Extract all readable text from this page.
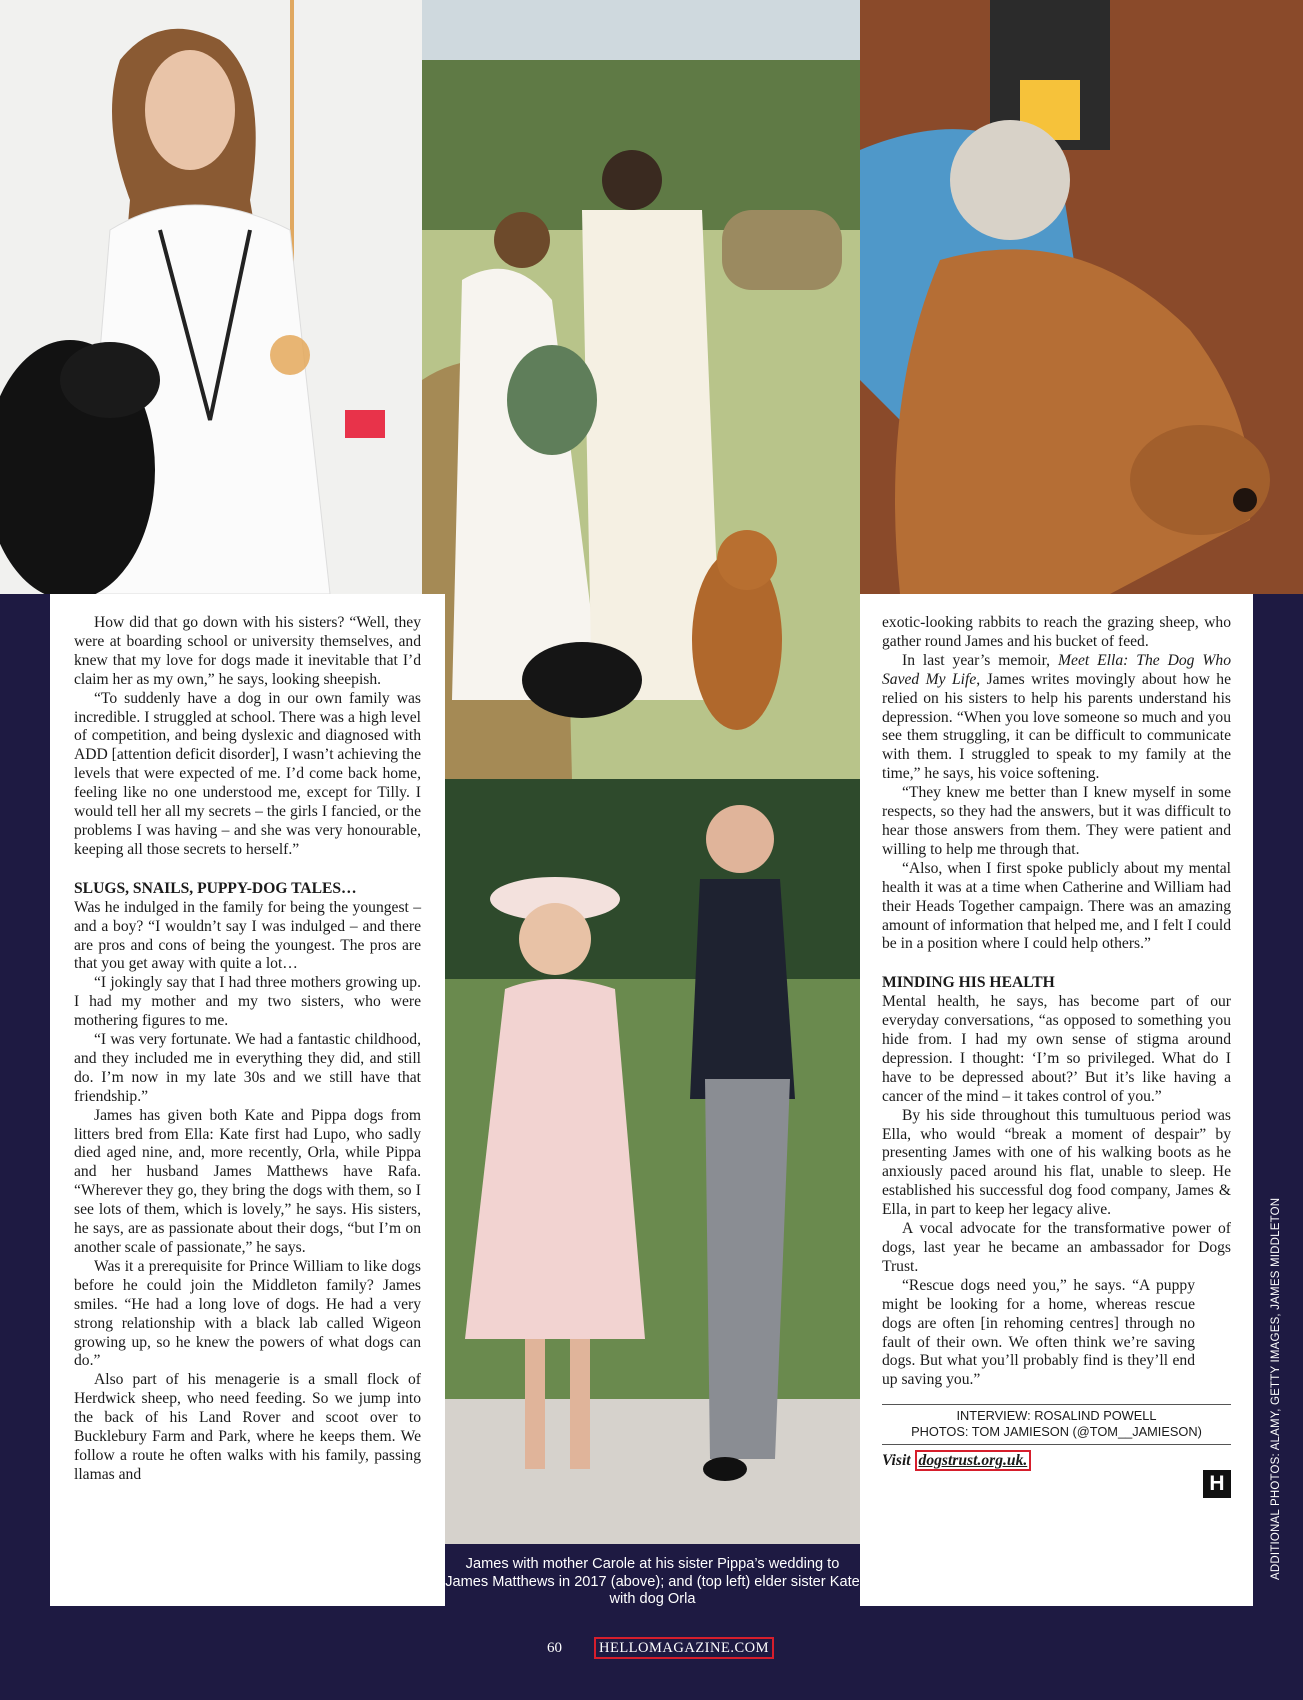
How did that go down with his sisters? “Well, they were at boarding school or university themselves, and knew that my love for dogs made it inevitable that I’d claim her as my own,” he says, looking sheepish.

“To suddenly have a dog in our own family was incredible. I struggled at school. There was a high level of competition, and being dyslexic and diagnosed with ADD [attention deficit disorder], I wasn’t achieving the levels that were expected of me. I’d come back home, feeling like no one understood me, except for Tilly. I would tell her all my secrets – the girls I fancied, or the problems I was having – and she was very honourable, keeping all those secrets to herself.”

SLUGS, SNAILS, PUPPY-DOG TALES…

Was he indulged in the family for being the youngest – and a boy? “I wouldn’t say I was indulged – and there are pros and cons of being the youngest. The pros are that you get away with quite a lot…

“I jokingly say that I had three mothers growing up. I had my mother and my two sisters, who were mothering figures to me.

“I was very fortunate. We had a fantastic childhood, and they included me in everything they did, and still do. I’m now in my late 30s and we still have that friendship.”

James has given both Kate and Pippa dogs from litters bred from Ella: Kate first had Lupo, who sadly died aged nine, and, more recently, Orla, while Pippa and her husband James Matthews have Rafa. “Wherever they go, they bring the dogs with them, so I see lots of them, which is lovely,” he says. His sisters, he says, are as passionate about their dogs, “but I’m on another scale of passionate,” he says.

Was it a prerequisite for Prince William to like dogs before he could join the Middleton family? James smiles. “He had a long love of dogs. He had a very strong relationship with a black lab called Wigeon growing up, so he knew the powers of what dogs can do.”

Also part of his menagerie is a small flock of Herdwick sheep, who need feeding. So we jump into the back of his Land Rover and scoot over to Bucklebury Farm and Park, where he keeps them. We follow a route he often walks with his family, passing llamas and

exotic-looking rabbits to reach the grazing sheep, who gather round James and his bucket of feed.

In last year’s memoir, Meet Ella: The Dog Who Saved My Life, James writes movingly about how he relied on his sisters to help his parents understand his depression. “When you love someone so much and you see them struggling, it can be difficult to communicate with them. I struggled to speak to my family at the time,” he says, his voice softening.

“They knew me better than I knew myself in some respects, so they had the answers, but it was difficult to hear those answers from them. They were patient and willing to help me through that.

“Also, when I first spoke publicly about my mental health it was at a time when Catherine and William had their Heads Together campaign. There was an amazing amount of information that helped me, and I felt I could be in a position where I could help others.”

MINDING HIS HEALTH

Mental health, he says, has become part of our everyday conversations, “as opposed to something you hide from. I had my own sense of stigma around depression. I thought: ‘I’m so privileged. What do I have to be depressed about?’ But it’s like having a cancer of the mind – it takes control of you.”

By his side throughout this tumultuous period was Ella, who would “break a moment of despair” by presenting James with one of his walking boots as he anxiously paced around his flat, unable to sleep. He established his successful dog food company, James & Ella, in part to keep her legacy alive.

A vocal advocate for the transformative power of dogs, last year he became an ambassador for Dogs Trust.

“Rescue dogs need you,” he says. “A puppy might be looking for a home, whereas rescue dogs are often [in rehoming centres] through no fault of their own. We often think we’re saving dogs. But what you’ll probably find is they’ll end up saving you.”

INTERVIEW: ROSALIND POWELL
PHOTOS: TOM JAMIESON (@TOM__JAMIESON)
Visit dogstrust.org.uk.
H
James with mother Carole at his sister Pippa’s wedding to James Matthews in 2017 (above); and (top left) elder sister Kate with dog Orla
60	HELLOMAGAZINE.COM
ADDITIONAL PHOTOS: ALAMY, GETTY IMAGES, JAMES MIDDLETON
